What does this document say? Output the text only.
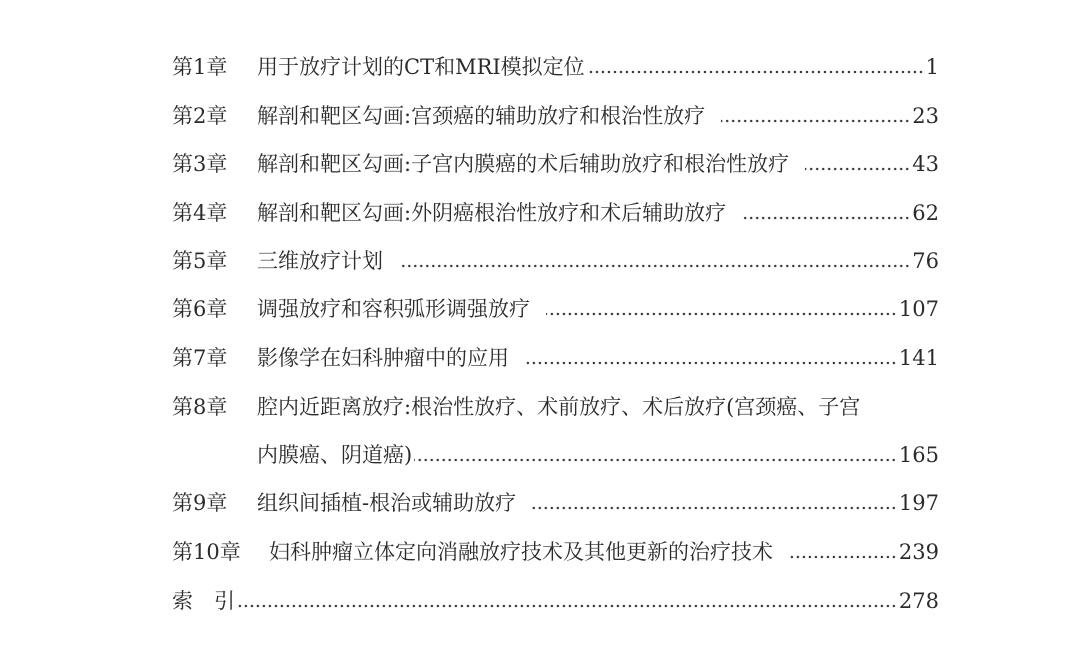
第1章	用于放疗计划的CT和MRI模拟定位	1
第2章	解剖和靶区勾画:宫颈癌的辅助放疗和根治性放疗	23
第3章	解剖和靶区勾画:子宫内膜癌的术后辅助放疗和根治性放疗	43
第4章	解剖和靶区勾画:外阴癌根治性放疗和术后辅助放疗	62
第5章	三维放疗计划	76
第6章	调强放疗和容积弧形调强放疗	107
第7章	影像学在妇科肿瘤中的应用	141
第8章	腔内近距离放疗:根治性放疗、术前放疗、术后放疗(宫颈癌、子宫
内膜癌、阴道癌)	165
第9章	组织间插植-根治或辅助放疗	197
第10章	妇科肿瘤立体定向消融放疗技术及其他更新的治疗技术	239
索　引	278
